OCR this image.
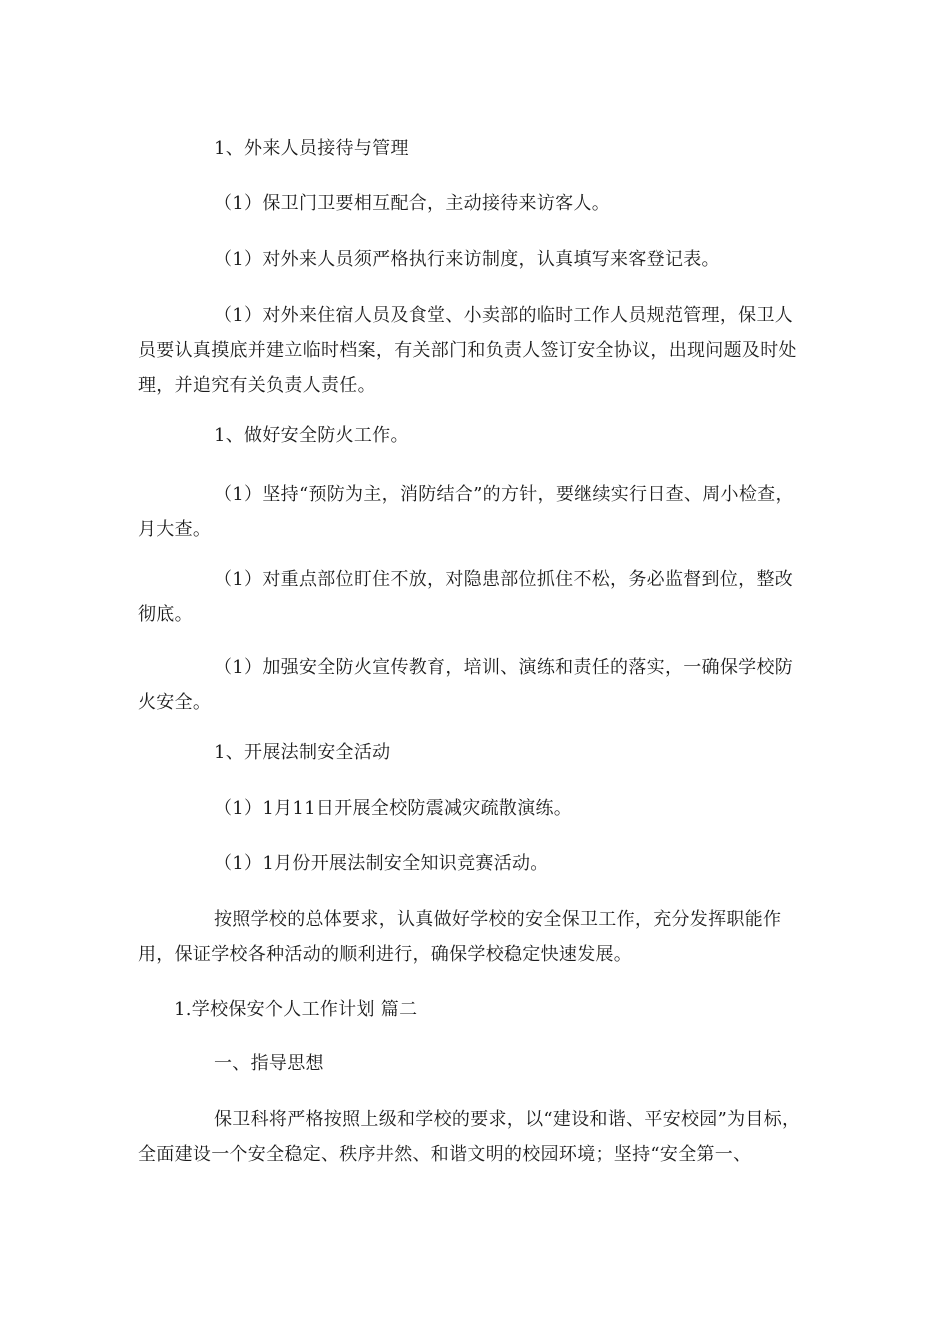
1、外来人员接待与管理
（1）保卫门卫要相互配合，主动接待来访客人。
（1）对外来人员须严格执行来访制度，认真填写来客登记表。
（1）对外来住宿人员及食堂、小卖部的临时工作人员规范管理，保卫人员要认真摸底并建立临时档案，有关部门和负责人签订安全协议，出现问题及时处理，并追究有关负责人责任。
1、做好安全防火工作。
（1）坚持“预防为主，消防结合”的方针，要继续实行日查、周小检查，月大查。
（1）对重点部位盯住不放，对隐患部位抓住不松，务必监督到位，整改彻底。
（1）加强安全防火宣传教育，培训、演练和责任的落实，一确保学校防火安全。
1、开展法制安全活动
（1）1月11日开展全校防震减灾疏散演练。
（1）1月份开展法制安全知识竞赛活动。
按照学校的总体要求，认真做好学校的安全保卫工作，充分发挥职能作用，保证学校各种活动的顺利进行，确保学校稳定快速发展。
1.学校保安个人工作计划 篇二
一、指导思想
保卫科将严格按照上级和学校的要求，以“建设和谐、平安校园”为目标，全面建设一个安全稳定、秩序井然、和谐文明的校园环境；坚持“安全第一、
